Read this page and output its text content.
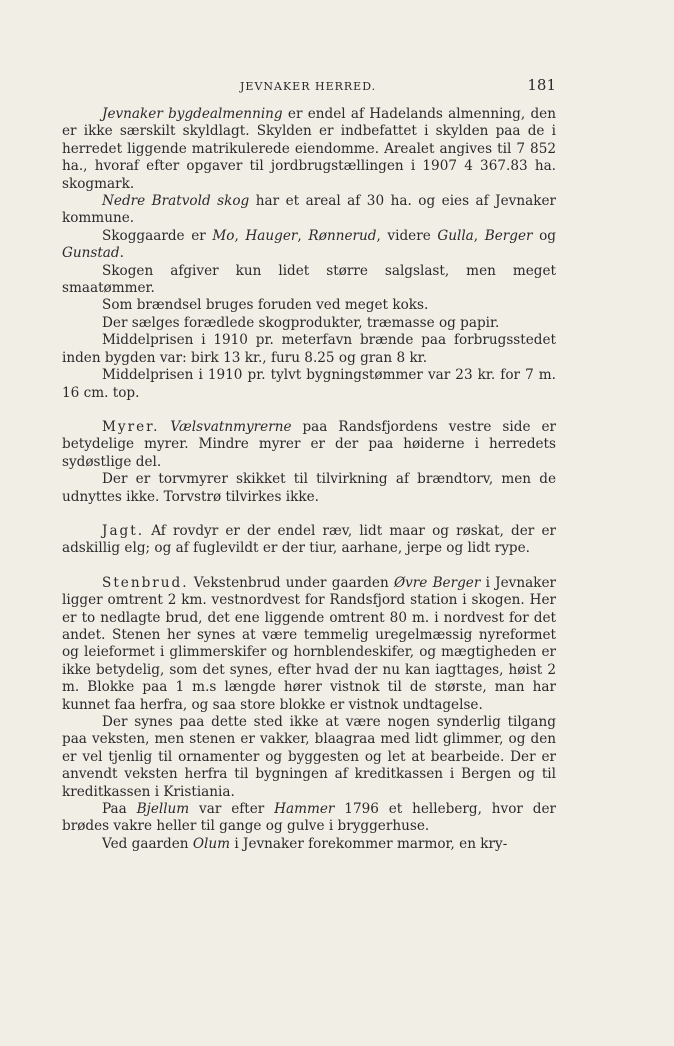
JEVNAKER HERRED.	181

Jevnaker bygdealmenning er endel af Hadelands almenning, den er ikke særskilt skyldlagt. Skylden er indbefattet i skylden paa de i herredet liggende matrikulerede eiendomme. Arealet angives til 7 852 ha., hvoraf efter opgaver til jordbrugstællingen i 1907 4 367.83 ha. skogmark.

Nedre Bratvold skog har et areal af 30 ha. og eies af Jevnaker kommune.

Skoggaarde er Mo, Hauger, Rønnerud, videre Gulla, Berger og Gunstad.

Skogen afgiver kun lidet større salgslast, men meget smaatømmer.

Som brændsel bruges foruden ved meget koks.

Der sælges forædlede skogprodukter, træmasse og papir.

Middelprisen i 1910 pr. meterfavn brænde paa forbrugsstedet inden bygden var: birk 13 kr., furu 8.25 og gran 8 kr.

Middelprisen i 1910 pr. tylvt bygningstømmer var 23 kr. for 7 m. 16 cm. top.

Myrer. Vælsvatnmyrerne paa Randsfjordens vestre side er betydelige myrer. Mindre myrer er der paa høiderne i herredets sydøstlige del.

Der er torvmyrer skikket til tilvirkning af brændtorv, men de udnyttes ikke. Torvstrø tilvirkes ikke.

Jagt. Af rovdyr er der endel ræv, lidt maar og røskat, der er adskillig elg; og af fuglevildt er der tiur, aarhane, jerpe og lidt rype.

Stenbrud. Vekstenbrud under gaarden Øvre Berger i Jevnaker ligger omtrent 2 km. vestnordvest for Randsfjord station i skogen. Her er to nedlagte brud, det ene liggende omtrent 80 m. i nordvest for det andet. Stenen her synes at være temmelig uregelmæssig nyreformet og leieformet i glimmerskifer og hornblendeskifer, og mægtigheden er ikke betydelig, som det synes, efter hvad der nu kan iagttages, høist 2 m. Blokke paa 1 m.s længde hører vistnok til de største, man har kunnet faa herfra, og saa store blokke er vistnok undtagelse.

Der synes paa dette sted ikke at være nogen synderlig tilgang paa veksten, men stenen er vakker, blaagraa med lidt glimmer, og den er vel tjenlig til ornamenter og byggesten og let at bearbeide. Der er anvendt veksten herfra til bygningen af kreditkassen i Bergen og til kreditkassen i Kristiania.

Paa Bjellum var efter Hammer 1796 et helleberg, hvor der brødes vakre heller til gange og gulve i bryggerhuse.

Ved gaarden Olum i Jevnaker forekommer marmor, en kry-
